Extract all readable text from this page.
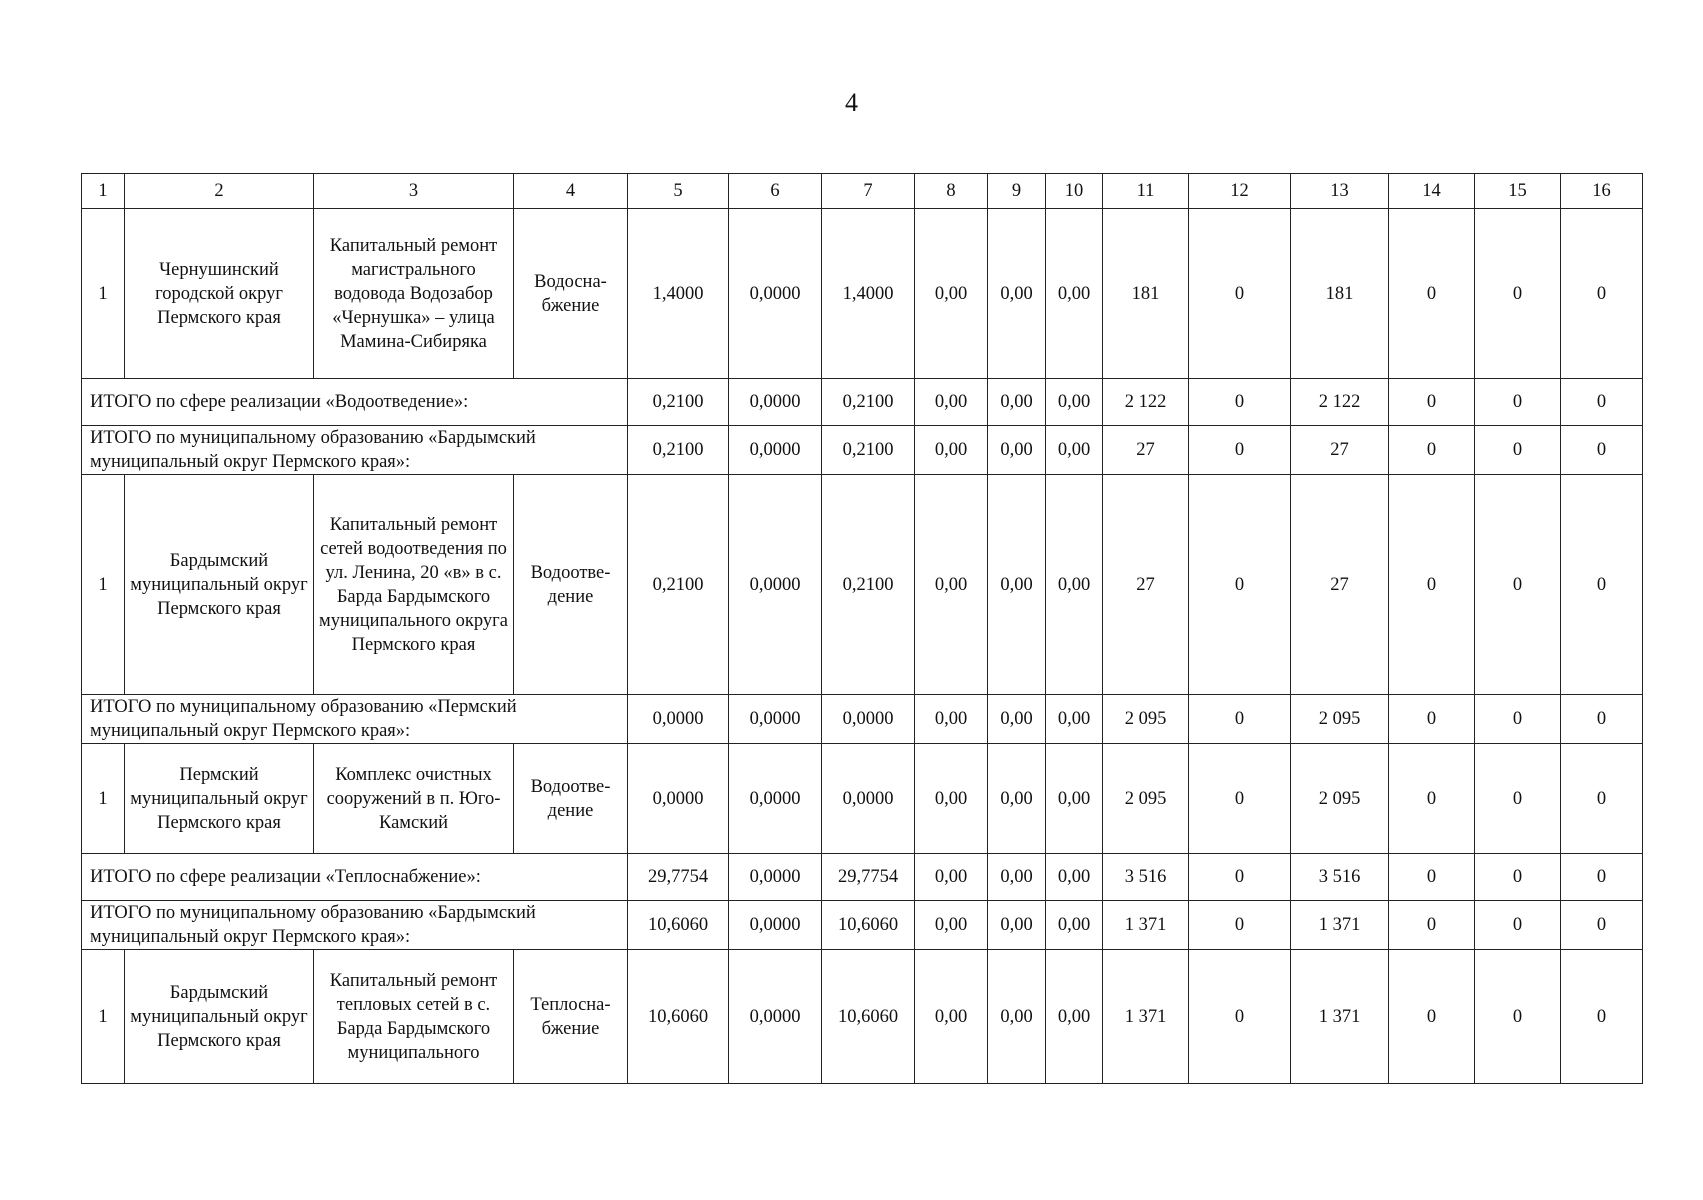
4
1	2	3	4	5	6	7	8	9	10	11	12	13	14	15	16
1	Чернушинский городской округ Пермского края	Капитальный ремонт магистрального водовода Водозабор «Чернушка» – улица Мамина-Сибиряка	Водосна-бжение	1,4000	0,0000	1,4000	0,00	0,00	0,00	181	0	181	0	0	0
ИТОГО по сфере реализации «Водоотведение»:				0,2100	0,0000	0,2100	0,00	0,00	0,00	2 122	0	2 122	0	0	0
ИТОГО по муниципальному образованию «Бардымский муниципальный округ Пермского края»:				0,2100	0,0000	0,2100	0,00	0,00	0,00	27	0	27	0	0	0
1	Бардымский муниципальный округ Пермского края	Капитальный ремонт сетей водоотведения по ул. Ленина, 20 «в» в с. Барда Бардымского муниципального округа Пермского края	Водоотве-дение	0,2100	0,0000	0,2100	0,00	0,00	0,00	27	0	27	0	0	0
ИТОГО по муниципальному образованию «Пермский муниципальный округ Пермского края»:				0,0000	0,0000	0,0000	0,00	0,00	0,00	2 095	0	2 095	0	0	0
1	Пермский муниципальный округ Пермского края	Комплекс очистных сооружений в п. Юго-Камский	Водоотве-дение	0,0000	0,0000	0,0000	0,00	0,00	0,00	2 095	0	2 095	0	0	0
ИТОГО по сфере реализации «Теплоснабжение»:				29,7754	0,0000	29,7754	0,00	0,00	0,00	3 516	0	3 516	0	0	0
ИТОГО по муниципальному образованию «Бардымский муниципальный округ Пермского края»:				10,6060	0,0000	10,6060	0,00	0,00	0,00	1 371	0	1 371	0	0	0
1	Бардымский муниципальный округ Пермского края	Капитальный ремонт тепловых сетей в с. Барда Бардымского муниципального	Теплосна-бжение	10,6060	0,0000	10,6060	0,00	0,00	0,00	1 371	0	1 371	0	0	0
